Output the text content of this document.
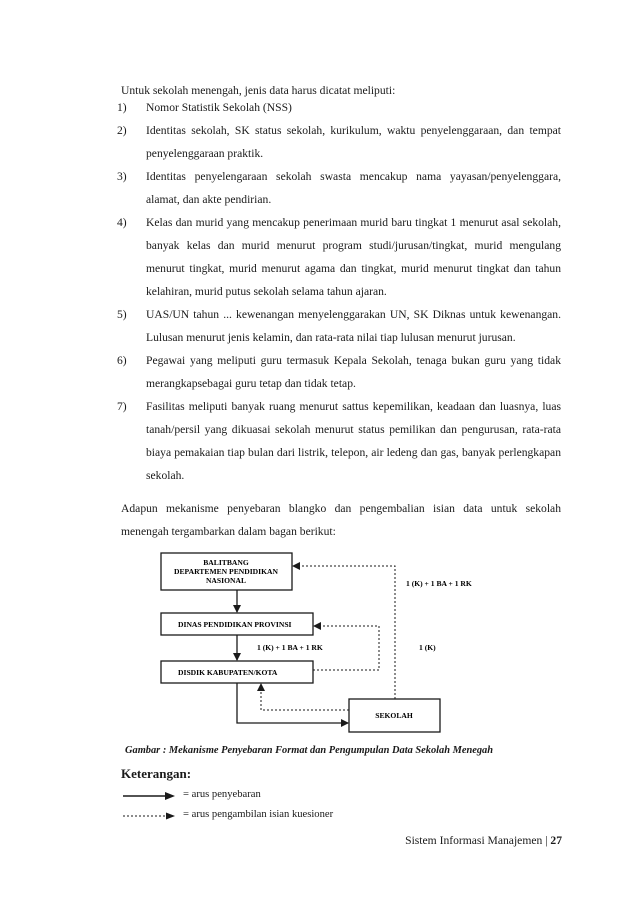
Untuk sekolah menengah, jenis data harus dicatat meliputi:

1) Nomor Statistik Sekolah (NSS)
2) Identitas sekolah, SK status sekolah, kurikulum, waktu penyelenggaraan, dan tempat penyelenggaraan praktik.
3) Identitas penyelengaraan sekolah swasta mencakup nama yayasan/penyelenggara, alamat, dan akte pendirian.
4) Kelas dan murid yang mencakup penerimaan murid baru tingkat 1 menurut asal sekolah, banyak kelas dan murid menurut program studi/jurusan/tingkat, murid mengulang menurut tingkat, murid menurut agama dan tingkat, murid menurut tingkat dan tahun kelahiran, murid putus sekolah selama tahun ajaran.
5) UAS/UN tahun ... kewenangan menyelenggarakan UN, SK Diknas untuk kewenangan. Lulusan menurut jenis kelamin, dan rata-rata nilai tiap lulusan menurut jurusan.
6) Pegawai yang meliputi guru termasuk Kepala Sekolah, tenaga bukan guru yang tidak merangkapsebagai guru tetap dan tidak tetap.
7) Fasilitas meliputi banyak ruang menurut sattus kepemilikan, keadaan dan luasnya, luas tanah/persil yang dikuasai sekolah menurut status pemilikan dan pengurusan, rata-rata biaya pemakaian tiap bulan dari listrik, telepon, air ledeng dan gas, banyak perlengkapan sekolah.

Adapun mekanisme penyebaran blangko dan pengembalian isian data untuk sekolah menengah tergambarkan dalam bagan berikut:

BALITBANG
DEPARTEMEN PENDIDIKAN
NASIONAL
DINAS PENDIDIKAN PROVINSI
DISDIK KABUPATEN/KOTA
SEKOLAH
1 (K) + 1 BA + 1 RK
1 (K) + 1 BA + 1 RK	1 (K)

Gambar : Mekanisme Penyebaran Format dan Pengumpulan Data Sekolah Menegah

Keterangan:

= arus penyebaran
= arus pengambilan isian kuesioner

Sistem Informasi Manajemen | 27
